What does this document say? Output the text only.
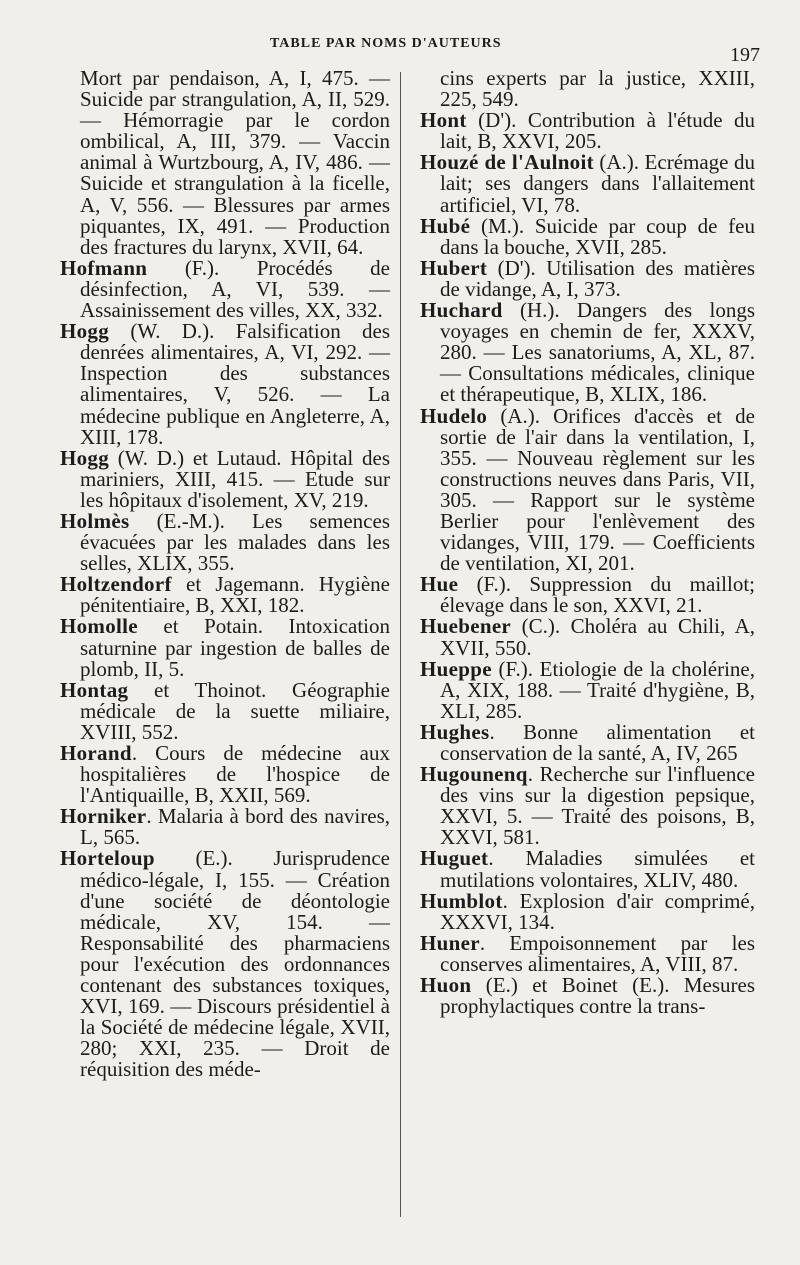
TABLE PAR NOMS D'AUTEURS
197

Mort par pendaison, A, I, 475. — Suicide par strangulation, A, II, 529. — Hémorragie par le cordon ombilical, A, III, 379. — Vaccin animal à Wurtzbourg, A, IV, 486. — Suicide et strangulation à la ficelle, A, V, 556. — Blessures par armes piquantes, IX, 491. — Production des fractures du larynx, XVII, 64.

Hofmann (F.). Procédés de désinfection, A, VI, 539. — Assainissement des villes, XX, 332.

Hogg (W. D.). Falsification des denrées alimentaires, A, VI, 292. — Inspection des substances alimentaires, V, 526. — La médecine publique en Angleterre, A, XIII, 178.

Hogg (W. D.) et Lutaud. Hôpital des mariniers, XIII, 415. — Etude sur les hôpitaux d'isolement, XV, 219.

Holmès (E.-M.). Les semences évacuées par les malades dans les selles, XLIX, 355.

Holtzendorf et Jagemann. Hygiène pénitentiaire, B, XXI, 182.

Homolle et Potain. Intoxication saturnine par ingestion de balles de plomb, II, 5.

Hontag et Thoinot. Géographie médicale de la suette miliaire, XVIII, 552.

Horand. Cours de médecine aux hospitalières de l'hospice de l'Antiquaille, B, XXII, 569.

Horniker. Malaria à bord des navires, L, 565.

Horteloup (E.). Jurisprudence médico-légale, I, 155. — Création d'une société de déontologie médicale, XV, 154. — Responsabilité des pharmaciens pour l'exécution des ordonnances contenant des substances toxiques, XVI, 169. — Discours présidentiel à la Société de médecine légale, XVII, 280; XXI, 235. — Droit de réquisition des méde-

cins experts par la justice, XXIII, 225, 549.

Hont (D'). Contribution à l'étude du lait, B, XXVI, 205.

Houzé de l'Aulnoit (A.). Ecrémage du lait; ses dangers dans l'allaitement artificiel, VI, 78.

Hubé (M.). Suicide par coup de feu dans la bouche, XVII, 285.

Hubert (D'). Utilisation des matières de vidange, A, I, 373.

Huchard (H.). Dangers des longs voyages en chemin de fer, XXXV, 280. — Les sanatoriums, A, XL, 87. — Consultations médicales, clinique et thérapeutique, B, XLIX, 186.

Hudelo (A.). Orifices d'accès et de sortie de l'air dans la ventilation, I, 355. — Nouveau règlement sur les constructions neuves dans Paris, VII, 305. — Rapport sur le système Berlier pour l'enlèvement des vidanges, VIII, 179. — Coefficients de ventilation, XI, 201.

Hue (F.). Suppression du maillot; élevage dans le son, XXVI, 21.

Huebener (C.). Choléra au Chili, A, XVII, 550.

Hueppe (F.). Etiologie de la cholérine, A, XIX, 188. — Traité d'hygiène, B, XLI, 285.

Hughes. Bonne alimentation et conservation de la santé, A, IV, 265

Hugounenq. Recherche sur l'influence des vins sur la digestion pepsique, XXVI, 5. — Traité des poisons, B, XXVI, 581.

Huguet. Maladies simulées et mutilations volontaires, XLIV, 480.

Humblot. Explosion d'air comprimé, XXXVI, 134.

Huner. Empoisonnement par les conserves alimentaires, A, VIII, 87.

Huon (E.) et Boinet (E.). Mesures prophylactiques contre la trans-
